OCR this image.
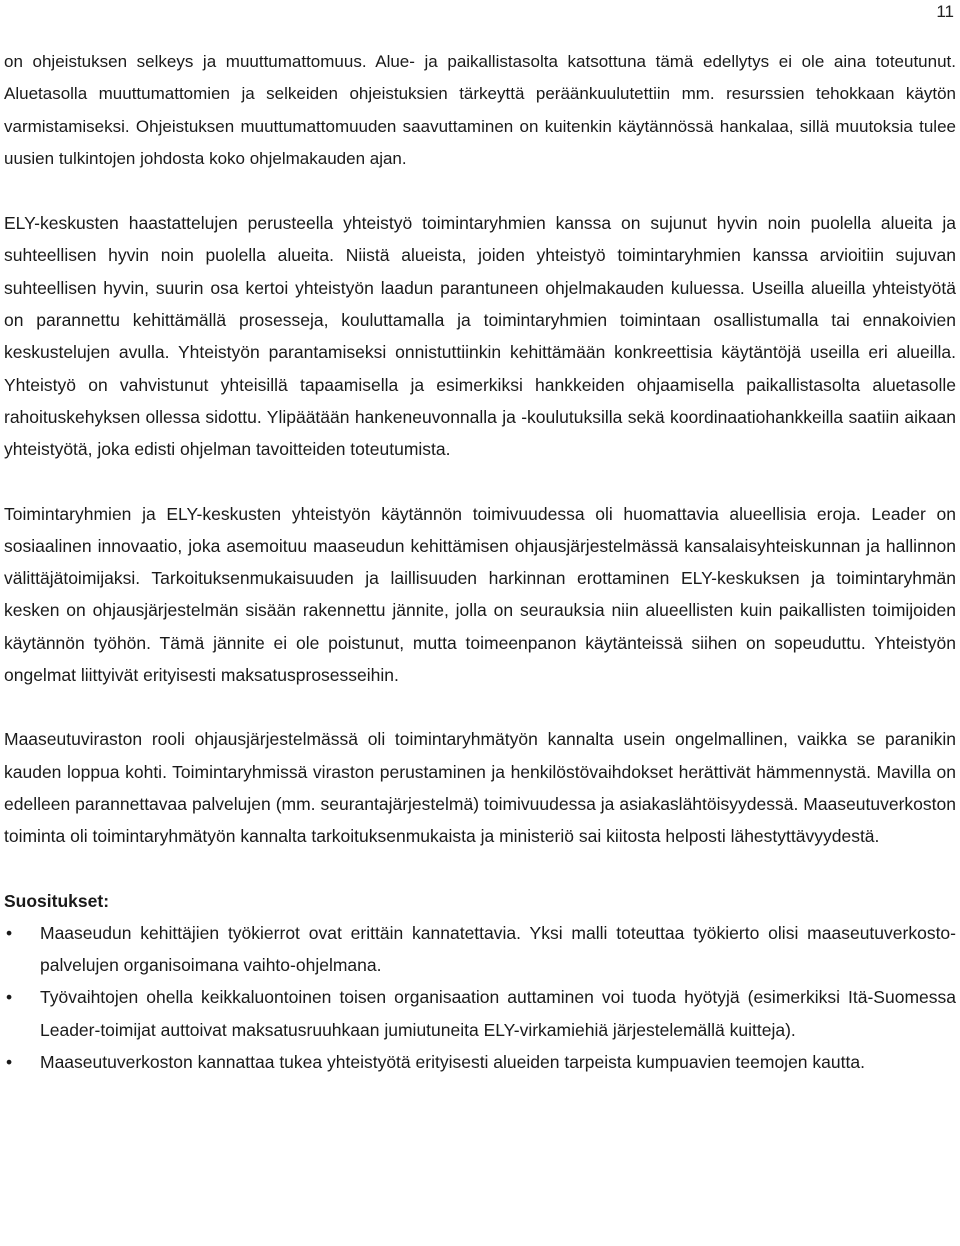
11

on ohjeistuksen selkeys ja muuttumattomuus. Alue- ja paikallistasolta katsottuna tämä edellytys ei ole aina toteutunut. Aluetasolla muuttumattomien ja selkeiden ohjeistuksien tärkeyttä peräänkuulutettiin mm. resurssien tehokkaan käytön varmistamiseksi. Ohjeistuksen muuttumattomuuden saavuttaminen on kuitenkin käytännössä hankalaa, sillä muutoksia tulee uusien tulkintojen johdosta koko ohjelmakauden ajan.

ELY-keskusten haastattelujen perusteella yhteistyö toimintaryhmien kanssa on sujunut hyvin noin puolella alueita ja suhteellisen hyvin noin puolella alueita. Niistä alueista, joiden yhteistyö toimintaryhmien kanssa arvioitiin sujuvan suhteellisen hyvin, suurin osa kertoi yhteistyön laadun parantuneen ohjelmakauden kuluessa. Useilla alueilla yhteistyötä on parannettu kehittämällä prosesseja, kouluttamalla ja toimintaryhmien toimintaan osallistumalla tai ennakoivien keskustelujen avulla. Yhteistyön parantamiseksi onnistuttiinkin kehittämään konkreettisia käytäntöjä useilla eri alueilla. Yhteistyö on vahvistunut yhteisillä tapaamisella ja esimerkiksi hankkeiden ohjaamisella paikallistasolta aluetasolle rahoituskehyksen ollessa sidottu. Ylipäätään hankeneuvonnalla ja -koulutuksilla sekä koordinaatiohankkeilla saatiin aikaan yhteistyötä, joka edisti ohjelman tavoitteiden toteutumista.

Toimintaryhmien ja ELY-keskusten yhteistyön käytännön toimivuudessa oli huomattavia alueellisia eroja. Leader on sosiaalinen innovaatio, joka asemoituu maaseudun kehittämisen ohjausjärjestelmässä kansalaisyhteiskunnan ja hallinnon välittäjätoimijaksi. Tarkoituksenmukaisuuden ja laillisuuden harkinnan erottaminen ELY-keskuksen ja toimintaryhmän kesken on ohjausjärjestelmän sisään rakennettu jännite, jolla on seurauksia niin alueellisten kuin paikallisten toimijoiden käytännön työhön. Tämä jännite ei ole poistunut, mutta toimeenpanon käytänteissä siihen on sopeuduttu. Yhteistyön ongelmat liittyivät erityisesti maksatusprosesseihin.

Maaseutuviraston rooli ohjausjärjestelmässä oli toimintaryhmätyön kannalta usein ongelmallinen, vaikka se paranikin kauden loppua kohti. Toimintaryhmissä viraston perustaminen ja henkilöstövaihdokset herättivät hämmennystä. Mavilla on edelleen parannettavaa palvelujen (mm. seurantajärjestelmä) toimivuudessa ja asiakaslähtöisyydessä. Maaseutuverkoston toiminta oli toimintaryhmätyön kannalta tarkoituksenmukaista ja ministeriö sai kiitosta helposti lähestyttävyydestä.

Suositukset:
•	Maaseudun kehittäjien työkierrot ovat erittäin kannatettavia. Yksi malli toteuttaa työkierto olisi maaseutuverkosto-palvelujen organisoimana vaihto-ohjelmana.
•	Työvaihtojen ohella keikkaluontoinen toisen organisaation auttaminen voi tuoda hyötyjä (esimerkiksi Itä-Suomessa Leader-toimijat auttoivat maksatusruuhkaan jumiutuneita ELY-virkamiehiä järjestelemällä kuitteja).
•	Maaseutuverkoston kannattaa tukea yhteistyötä erityisesti alueiden tarpeista kumpuavien teemojen kautta.
